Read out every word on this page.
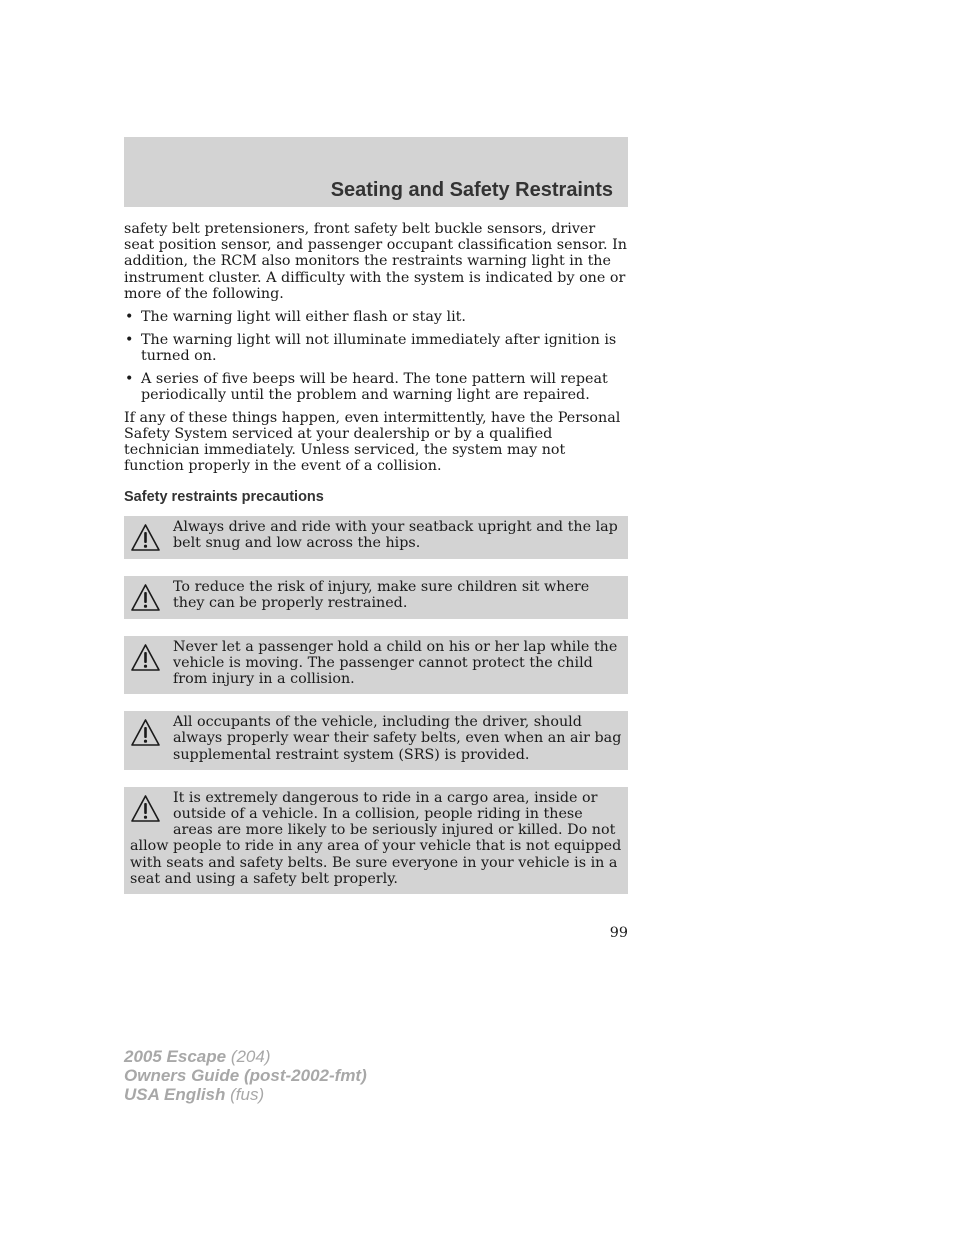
Seating and Safety Restraints

safety belt pretensioners, front safety belt buckle sensors, driver seat position sensor, and passenger occupant classification sensor. In addition, the RCM also monitors the restraints warning light in the instrument cluster. A difficulty with the system is indicated by one or more of the following.

• The warning light will either flash or stay lit.
• The warning light will not illuminate immediately after ignition is turned on.
• A series of five beeps will be heard. The tone pattern will repeat periodically until the problem and warning light are repaired.

If any of these things happen, even intermittently, have the Personal Safety System serviced at your dealership or by a qualified technician immediately. Unless serviced, the system may not function properly in the event of a collision.

Safety restraints precautions

Always drive and ride with your seatback upright and the lap belt snug and low across the hips.
To reduce the risk of injury, make sure children sit where they can be properly restrained.
Never let a passenger hold a child on his or her lap while the vehicle is moving. The passenger cannot protect the child from injury in a collision.
All occupants of the vehicle, including the driver, should always properly wear their safety belts, even when an air bag supplemental restraint system (SRS) is provided.
It is extremely dangerous to ride in a cargo area, inside or outside of a vehicle. In a collision, people riding in these areas are more likely to be seriously injured or killed. Do not allow people to ride in any area of your vehicle that is not equipped with seats and safety belts. Be sure everyone in your vehicle is in a seat and using a safety belt properly.
99
2005 Escape (204)
Owners Guide (post-2002-fmt)
USA English (fus)
